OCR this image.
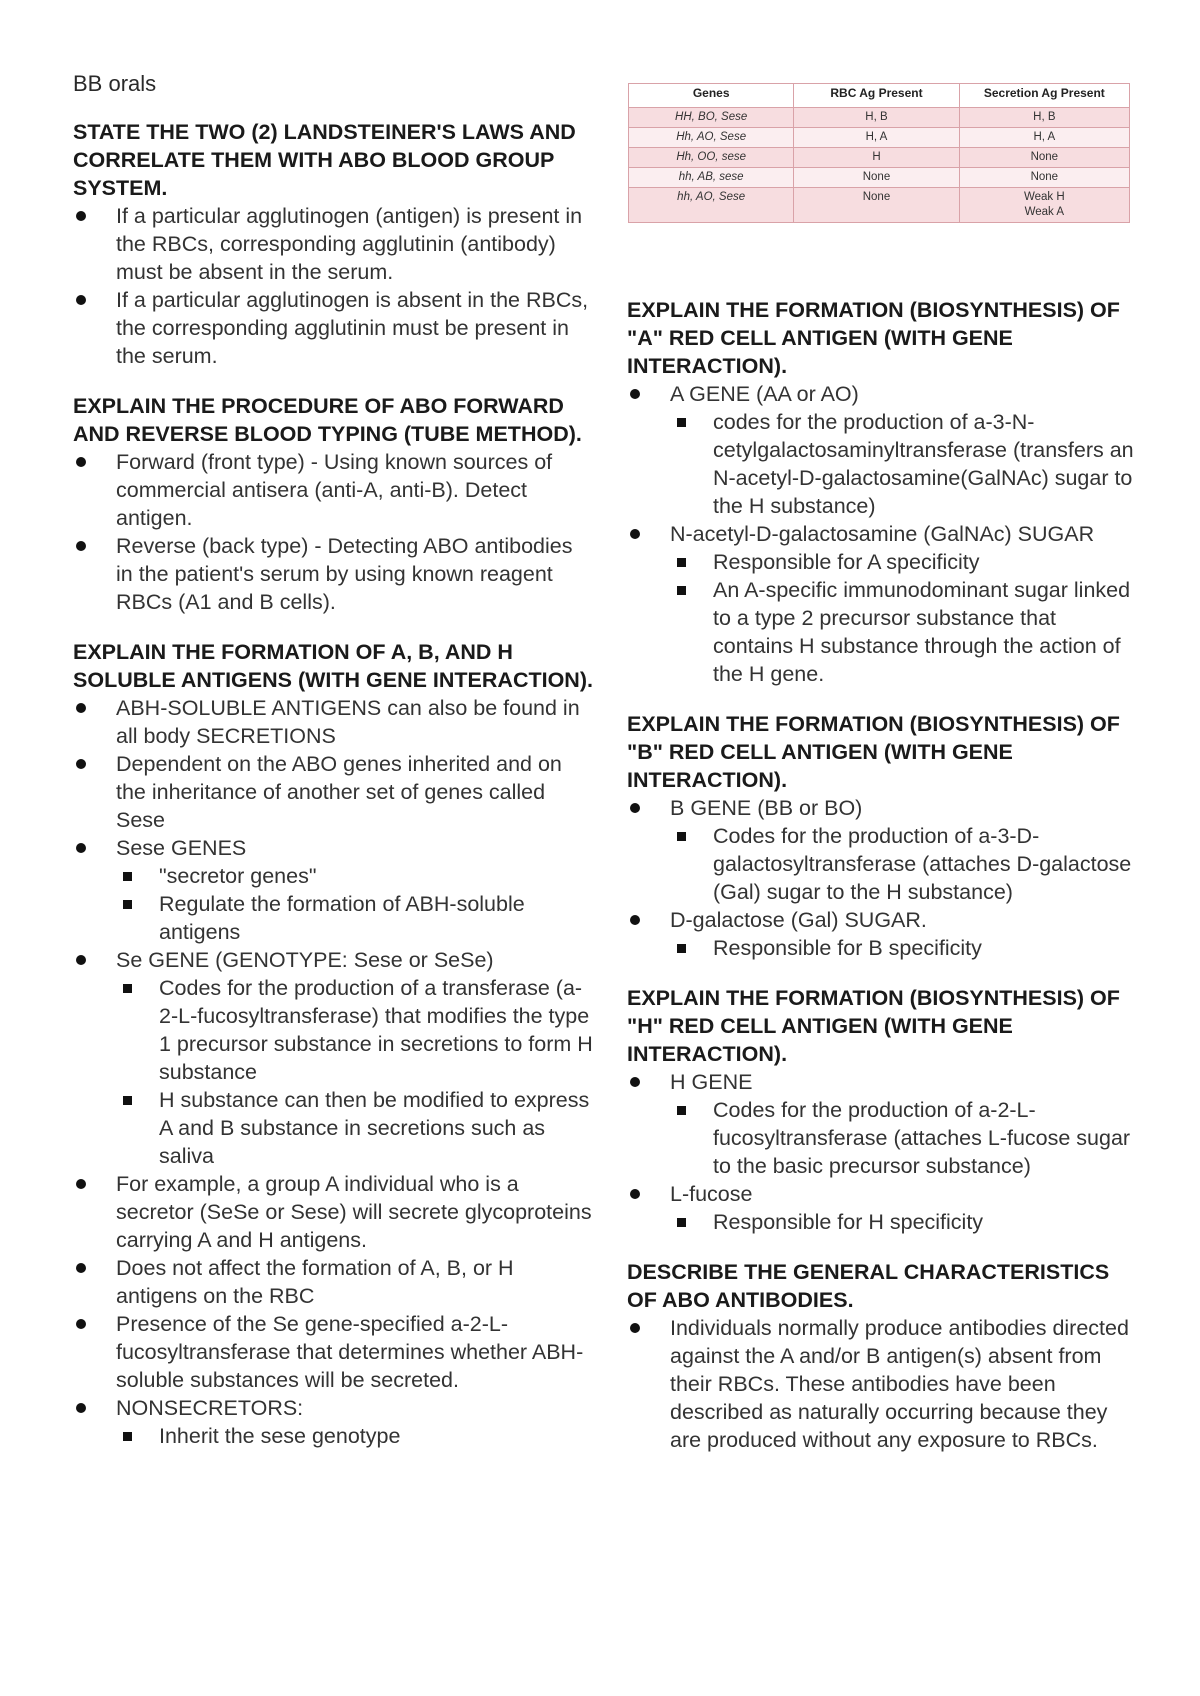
BB orals
STATE THE TWO (2) LANDSTEINER'S LAWS AND CORRELATE THEM WITH ABO BLOOD GROUP SYSTEM.
If a particular agglutinogen (antigen) is present in the RBCs, corresponding agglutinin (antibody) must be absent in the serum.
If a particular agglutinogen is absent in the RBCs, the corresponding agglutinin must be present in the serum.
EXPLAIN THE PROCEDURE OF ABO FORWARD AND REVERSE BLOOD TYPING (TUBE METHOD).
Forward (front type) - Using known sources of commercial antisera (anti-A, anti-B). Detect antigen.
Reverse (back type) - Detecting ABO antibodies in the patient's serum by using known reagent RBCs (A1 and B cells).
EXPLAIN THE FORMATION OF A, B, AND H SOLUBLE ANTIGENS (WITH GENE INTERACTION).
ABH-SOLUBLE ANTIGENS can also be found in all body SECRETIONS
Dependent on the ABO genes inherited and on the inheritance of another set of genes called Sese
Sese GENES
"secretor genes"
Regulate the formation of ABH-soluble antigens
Se GENE (GENOTYPE: Sese or SeSe)
Codes for the production of a transferase (a-2-L-fucosyltransferase) that modifies the type 1 precursor substance in secretions to form H substance
H substance can then be modified to express A and B substance in secretions such as saliva
For example, a group A individual who is a secretor (SeSe or Sese) will secrete glycoproteins carrying A and H antigens.
Does not affect the formation of A, B, or H antigens on the RBC
Presence of the Se gene-specified a-2-L-fucosyltransferase that determines whether ABH-soluble substances will be secreted.
NONSECRETORS:
Inherit the sese genotype
Genes	RBC Ag Present	Secretion Ag Present
HH, BO, Sese	H, B	H, B
Hh, AO, Sese	H, A	H, A
Hh, OO, sese	H	None
hh, AB, sese	None	None
hh, AO, Sese	None	Weak H
Weak A
EXPLAIN THE FORMATION (BIOSYNTHESIS) OF "A" RED CELL ANTIGEN (WITH GENE INTERACTION).
A GENE (AA or AO)
codes for the production of a-3-N-cetylgalactosaminyltransferase (transfers an N-acetyl-D-galactosamine(GalNAc) sugar to the H substance)
N-acetyl-D-galactosamine (GalNAc) SUGAR
Responsible for A specificity
An A-specific immunodominant sugar linked to a type 2 precursor substance that contains H substance through the action of the H gene.
EXPLAIN THE FORMATION (BIOSYNTHESIS) OF "B" RED CELL ANTIGEN (WITH GENE INTERACTION).
B GENE (BB or BO)
Codes for the production of a-3-D-galactosyltransferase (attaches D-galactose (Gal) sugar to the H substance)
D-galactose (Gal) SUGAR.
Responsible for B specificity
EXPLAIN THE FORMATION (BIOSYNTHESIS) OF "H" RED CELL ANTIGEN (WITH GENE INTERACTION).
H GENE
Codes for the production of a-2-L-fucosyltransferase (attaches L-fucose sugar to the basic precursor substance)
L-fucose
Responsible for H specificity
DESCRIBE THE GENERAL CHARACTERISTICS OF ABO ANTIBODIES.
Individuals normally produce antibodies directed against the A and/or B antigen(s) absent from their RBCs. These antibodies have been described as naturally occurring because they are produced without any exposure to RBCs.
